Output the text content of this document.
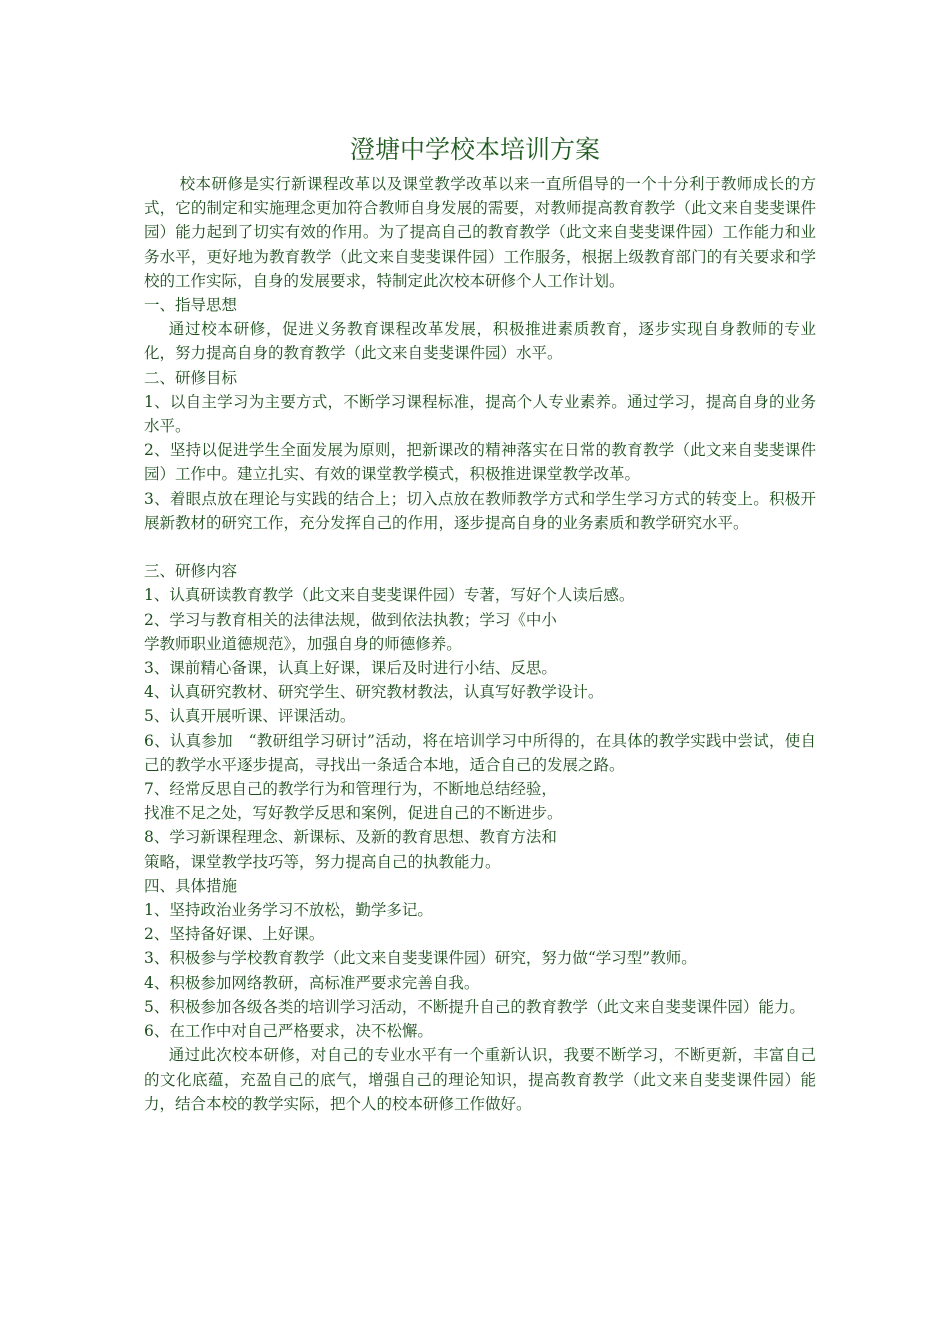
澄塘中学校本培训方案

校本研修是实行新课程改革以及课堂教学改革以来一直所倡导的一个十分利于教师成长的方式，它的制定和实施理念更加符合教师自身发展的需要，对教师提高教育教学（此文来自斐斐课件园）能力起到了切实有效的作用。为了提高自己的教育教学（此文来自斐斐课件园）工作能力和业务水平，更好地为教育教学（此文来自斐斐课件园）工作服务，根据上级教育部门的有关要求和学校的工作实际，自身的发展要求，特制定此次校本研修个人工作计划。

一、指导思想

通过校本研修，促进义务教育课程改革发展，积极推进素质教育，逐步实现自身教师的专业化，努力提高自身的教育教学（此文来自斐斐课件园）水平。

二、研修目标

1、以自主学习为主要方式，不断学习课程标准，提高个人专业素养。通过学习，提高自身的业务水平。

2、坚持以促进学生全面发展为原则，把新课改的精神落实在日常的教育教学（此文来自斐斐课件园）工作中。建立扎实、有效的课堂教学模式，积极推进课堂教学改革。

3、着眼点放在理论与实践的结合上；切入点放在教师教学方式和学生学习方式的转变上。积极开展新教材的研究工作，充分发挥自己的作用，逐步提高自身的业务素质和教学研究水平。

三、研修内容

1、认真研读教育教学（此文来自斐斐课件园）专著，写好个人读后感。

2、学习与教育相关的法律法规，做到依法执教；学习《中小

学教师职业道德规范》，加强自身的师德修养。

3、课前精心备课，认真上好课，课后及时进行小结、反思。

4、认真研究教材、研究学生、研究教材教法，认真写好教学设计。

5、认真开展听课、评课活动。

6、认真参加　“教研组学习研讨”活动，将在培训学习中所得的，在具体的教学实践中尝试，使自己的教学水平逐步提高，寻找出一条适合本地，适合自己的发展之路。

7、经常反思自己的教学行为和管理行为，不断地总结经验，

找准不足之处，写好教学反思和案例，促进自己的不断进步。

8、学习新课程理念、新课标、及新的教育思想、教育方法和

策略，课堂教学技巧等，努力提高自己的执教能力。

四、具体措施

1、坚持政治业务学习不放松，勤学多记。

2、坚持备好课、上好课。

3、积极参与学校教育教学（此文来自斐斐课件园）研究，努力做“学习型”教师。

4、积极参加网络教研，高标准严要求完善自我。

5、积极参加各级各类的培训学习活动，不断提升自己的教育教学（此文来自斐斐课件园）能力。

6、在工作中对自己严格要求，决不松懈。

通过此次校本研修，对自己的专业水平有一个重新认识，我要不断学习，不断更新，丰富自己的文化底蕴，充盈自己的底气，增强自己的理论知识，提高教育教学（此文来自斐斐课件园）能力，结合本校的教学实际，把个人的校本研修工作做好。
